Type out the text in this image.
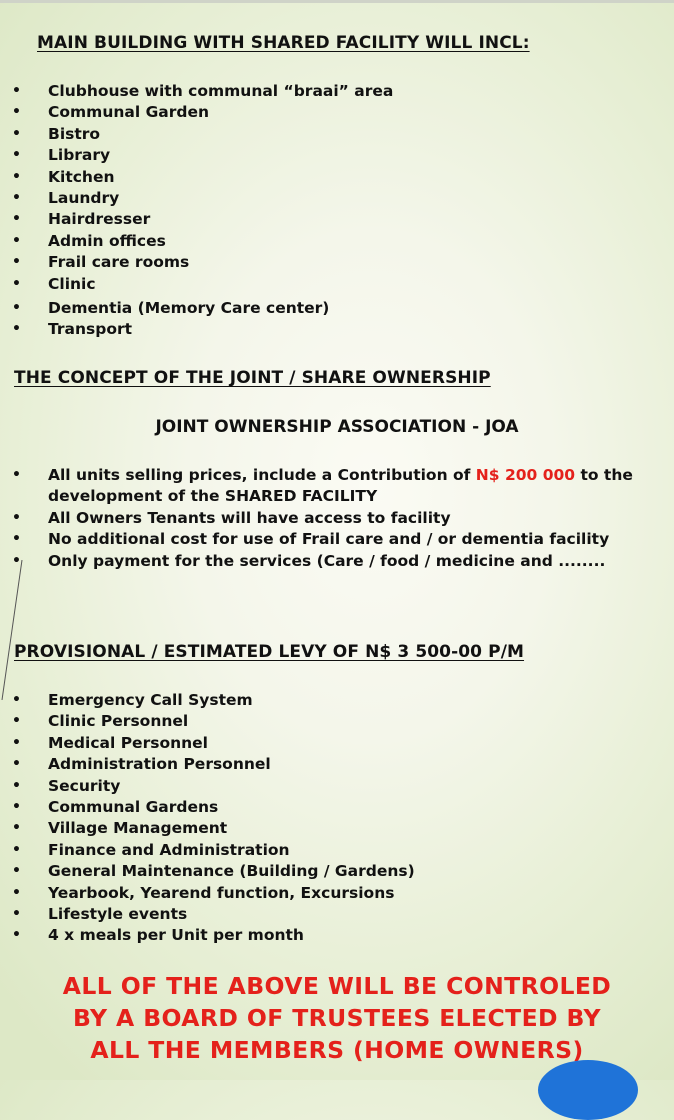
MAIN BUILDING WITH SHARED FACILITY WILL INCL:
• Clubhouse with communal “braai” area
• Communal Garden
• Bistro
• Library
• Kitchen
• Laundry
• Hairdresser
• Admin offices
• Frail care rooms
• Clinic
• Dementia (Memory Care center)
• Transport
THE CONCEPT OF THE JOINT / SHARE OWNERSHIP
JOINT OWNERSHIP ASSOCIATION - JOA
• All units selling prices, include a Contribution of N$ 200 000 to the development of the SHARED FACILITY
• All Owners Tenants will have access to facility
• No additional cost for use of Frail care and / or dementia facility
• Only payment for the services (Care / food / medicine and ........
PROVISIONAL / ESTIMATED LEVY OF N$ 3 500-00 P/M
• Emergency Call System
• Clinic Personnel
• Medical Personnel
• Administration Personnel
• Security
• Communal Gardens
• Village Management
• Finance and Administration
• General Maintenance (Building / Gardens)
• Yearbook, Yearend function, Excursions
• Lifestyle events
• 4 x meals per Unit per month
ALL OF THE ABOVE WILL BE CONTROLED
BY A BOARD OF TRUSTEES ELECTED BY
ALL THE MEMBERS (HOME OWNERS)
